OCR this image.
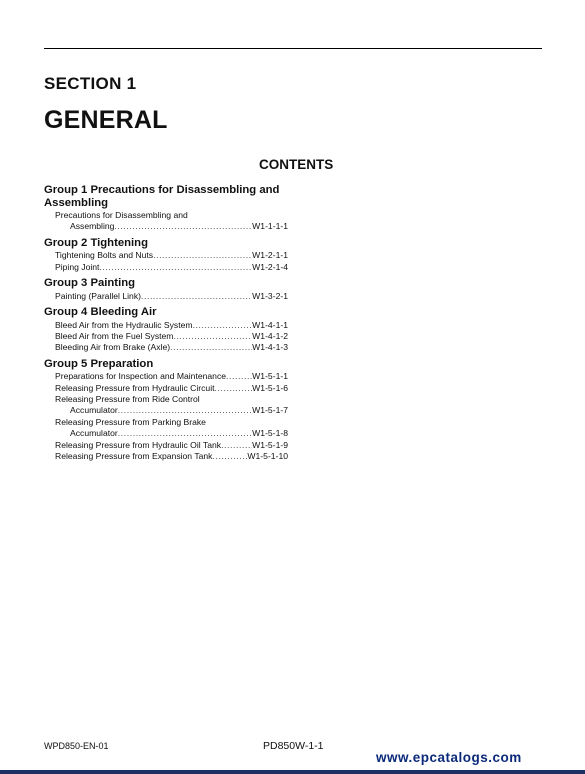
SECTION 1
GENERAL
CONTENTS
Group 1 Precautions for Disassembling and Assembling
Precautions for Disassembling and
Assembling .....	W1-1-1-1
Group 2 Tightening
Tightening Bolts and Nuts .....	W1-2-1-1
Piping Joint .....	W1-2-1-4
Group 3 Painting
Painting (Parallel Link) .....	W1-3-2-1
Group 4 Bleeding Air
Bleed Air from the Hydraulic System .....	W1-4-1-1
Bleed Air from the Fuel System .....	W1-4-1-2
Bleeding Air from Brake (Axle) .....	W1-4-1-3
Group 5 Preparation
Preparations for Inspection and Maintenance .....	W1-5-1-1
Releasing Pressure from Hydraulic Circuit .....	W1-5-1-6
Releasing Pressure from Ride Control
Accumulator .....	W1-5-1-7
Releasing Pressure from Parking Brake
Accumulator .....	W1-5-1-8
Releasing Pressure from Hydraulic Oil Tank .....	W1-5-1-9
Releasing Pressure from Expansion Tank .....	W1-5-1-10
WPD850-EN-01	PD850W-1-1
www.epcatalogs.com
